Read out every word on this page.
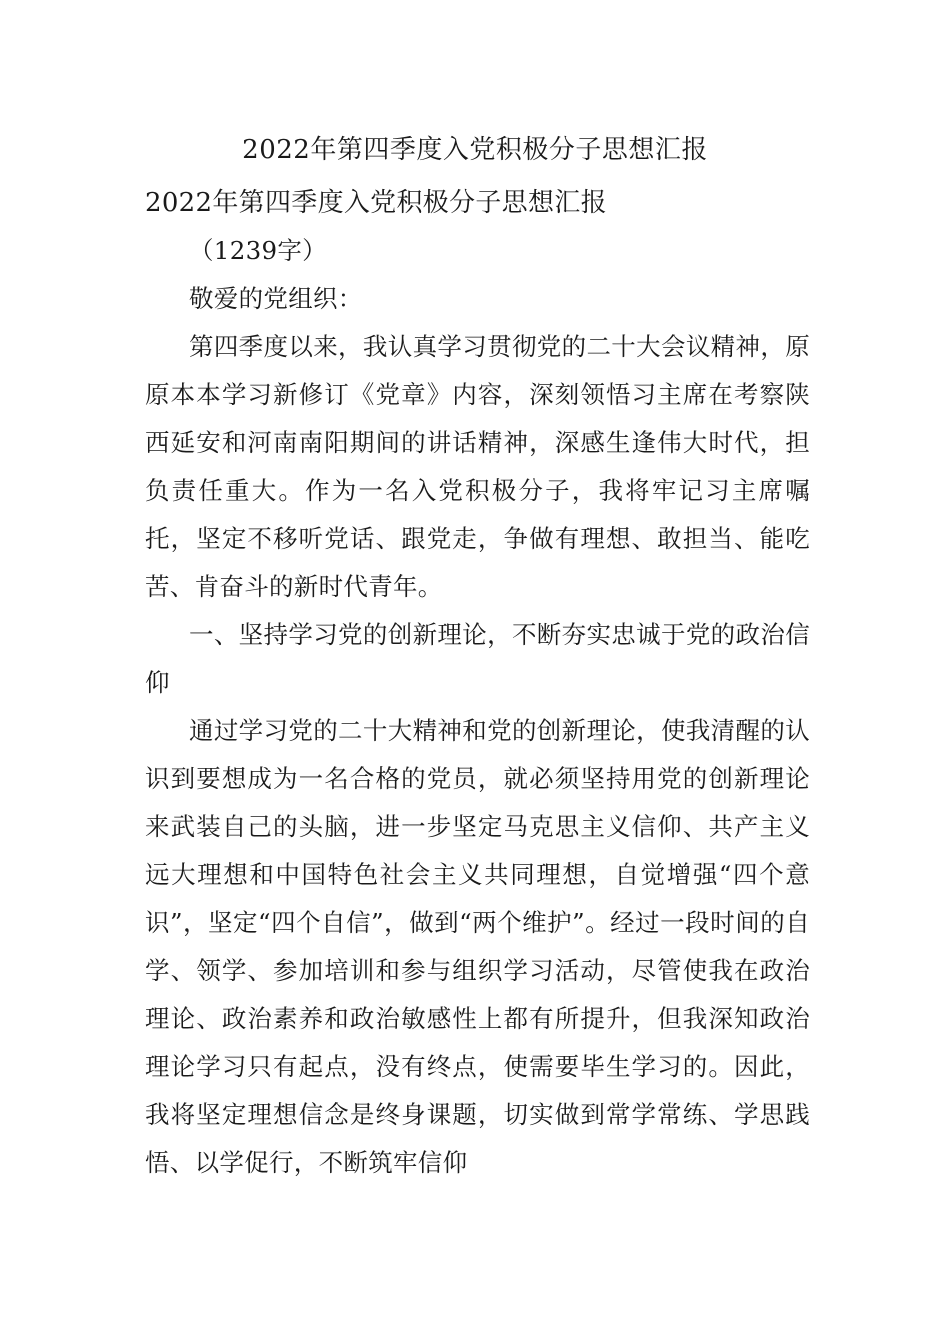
2022年第四季度入党积极分子思想汇报

2022年第四季度入党积极分子思想汇报

（1239字）

敬爱的党组织：

第四季度以来，我认真学习贯彻党的二十大会议精神，原原本本学习新修订《党章》内容，深刻领悟习主席在考察陕西延安和河南南阳期间的讲话精神，深感生逢伟大时代，担负责任重大。作为一名入党积极分子，我将牢记习主席嘱托，坚定不移听党话、跟党走，争做有理想、敢担当、能吃苦、肯奋斗的新时代青年。

一、坚持学习党的创新理论，不断夯实忠诚于党的政治信仰

通过学习党的二十大精神和党的创新理论，使我清醒的认识到要想成为一名合格的党员，就必须坚持用党的创新理论来武装自己的头脑，进一步坚定马克思主义信仰、共产主义远大理想和中国特色社会主义共同理想，自觉增强“四个意识”，坚定“四个自信”，做到“两个维护”。经过一段时间的自学、领学、参加培训和参与组织学习活动，尽管使我在政治理论、政治素养和政治敏感性上都有所提升，但我深知政治理论学习只有起点，没有终点，使需要毕生学习的。因此，我将坚定理想信念是终身课题，切实做到常学常练、学思践悟、以学促行，不断筑牢信仰
